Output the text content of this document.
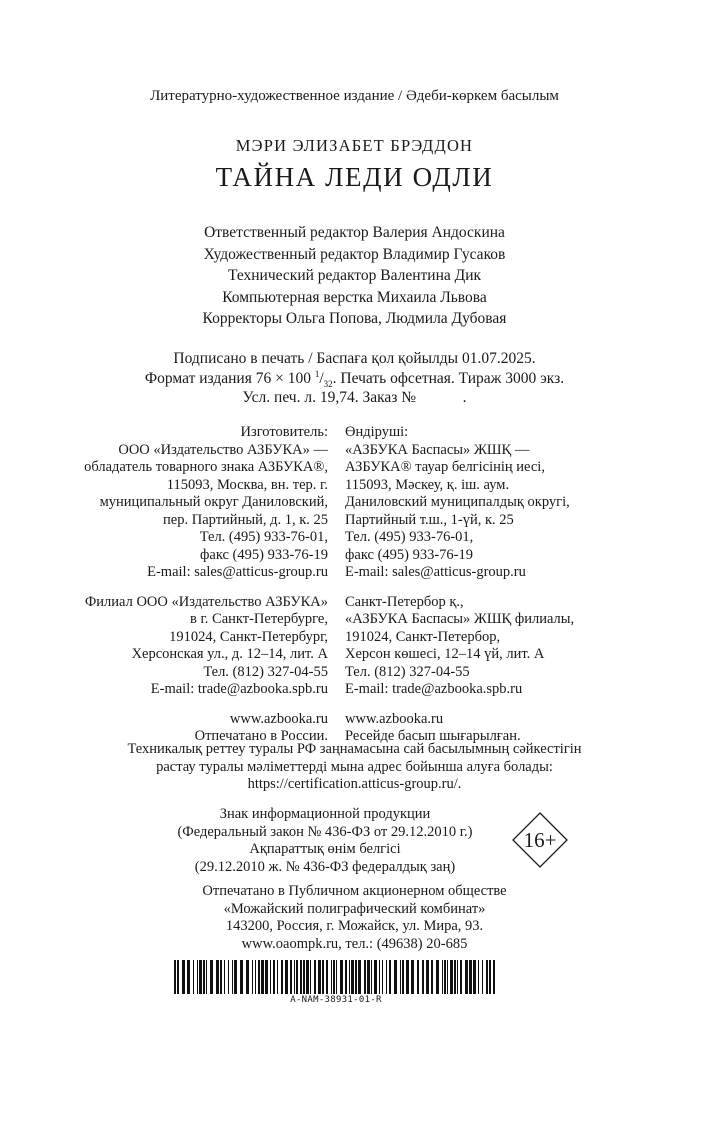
Литературно-художественное издание / Әдеби-көркем басылым
МЭРИ ЭЛИЗАБЕТ БРЭДДОН
ТАЙНА ЛЕДИ ОДЛИ
Ответственный редактор Валерия Андоскина
Художественный редактор Владимир Гусаков
Технический редактор Валентина Дик
Компьютерная верстка Михаила Львова
Корректоры Ольга Попова, Людмила Дубовая
Подписано в печать / Баспаға қол қойылды 01.07.2025.
Формат издания 76 × 100 $^1/_{32}$. Печать офсетная. Тираж 3000 экз.
Усл. печ. л. 19,74. Заказ №            .
Изготовитель:
ООО «Издательство АЗБУКА» —
обладатель товарного знака АЗБУКА®,
115093, Москва, вн. тер. г.
муниципальный округ Даниловский,
пер. Партийный, д. 1, к. 25
Тел. (495) 933-76-01,
факс (495) 933-76-19
E-mail: sales@atticus-group.ru
Филиал ООО «Издательство АЗБУКА»
в г. Санкт-Петербурге,
191024, Санкт-Петербург,
Херсонская ул., д. 12–14, лит. А
Тел. (812) 327-04-55
E-mail: trade@azbooka.spb.ru
www.azbooka.ru
Отпечатано в России.
Өндіруші:
«АЗБУКА Баспасы» ЖШҚ —
АЗБУКА® тауар белгісінің иесі,
115093, Мәскеу, қ. іш. аум.
Даниловский муниципалдық округі,
Партийный т.ш., 1-үй, к. 25
Тел. (495) 933-76-01,
факс (495) 933-76-19
E-mail: sales@atticus-group.ru
Санкт-Петербор қ.,
«АЗБУКА Баспасы» ЖШҚ филиалы,
191024, Санкт-Петербор,
Херсон көшесі, 12–14 үй, лит. А
Тел. (812) 327-04-55
E-mail: trade@azbooka.spb.ru
www.azbooka.ru
Ресейде басып шығарылған.
Техникалық реттеу туралы РФ заңнамасына сай басылымның сәйкестігін
растау туралы мәліметтерді мына адрес бойынша алуға болады:
https://certification.atticus-group.ru/.
Знак информационной продукции
(Федеральный закон № 436-ФЗ от 29.12.2010 г.)
Ақпараттық өнім белгісі
(29.12.2010 ж. № 436-ФЗ федералдық заң)
16+
Отпечатано в Публичном акционерном обществе
«Можайский полиграфический комбинат»
143200, Россия, г. Можайск, ул. Мира, 93.
www.oaompk.ru, тел.: (49638) 20-685
A-NAM-38931-01-R
